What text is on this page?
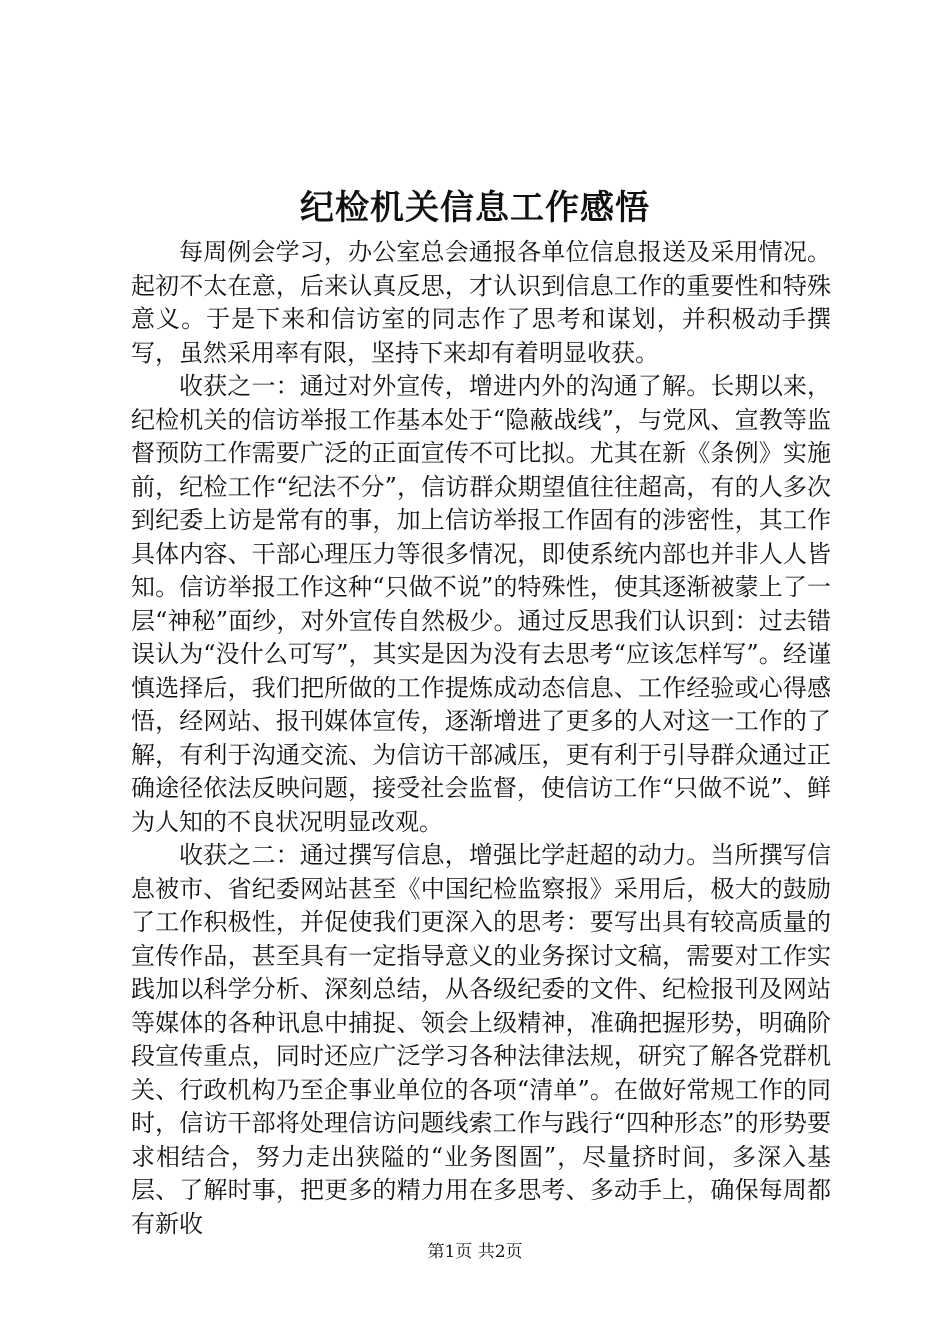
纪检机关信息工作感悟

每周例会学习，办公室总会通报各单位信息报送及采用情况。起初不太在意，后来认真反思，才认识到信息工作的重要性和特殊意义。于是下来和信访室的同志作了思考和谋划，并积极动手撰写，虽然采用率有限，坚持下来却有着明显收获。

收获之一：通过对外宣传，增进内外的沟通了解。长期以来，纪检机关的信访举报工作基本处于“隐蔽战线”，与党风、宣教等监督预防工作需要广泛的正面宣传不可比拟。尤其在新《条例》实施前，纪检工作“纪法不分”，信访群众期望值往往超高，有的人多次到纪委上访是常有的事，加上信访举报工作固有的涉密性，其工作具体内容、干部心理压力等很多情况，即使系统内部也并非人人皆知。信访举报工作这种“只做不说”的特殊性，使其逐渐被蒙上了一层“神秘”面纱，对外宣传自然极少。通过反思我们认识到：过去错误认为“没什么可写”，其实是因为没有去思考“应该怎样写”。经谨慎选择后，我们把所做的工作提炼成动态信息、工作经验或心得感悟，经网站、报刊媒体宣传，逐渐增进了更多的人对这一工作的了解，有利于沟通交流、为信访干部减压，更有利于引导群众通过正确途径依法反映问题，接受社会监督，使信访工作“只做不说”、鲜为人知的不良状况明显改观。

收获之二：通过撰写信息，增强比学赶超的动力。当所撰写信息被市、省纪委网站甚至《中国纪检监察报》采用后，极大的鼓励了工作积极性，并促使我们更深入的思考：要写出具有较高质量的宣传作品，甚至具有一定指导意义的业务探讨文稿，需要对工作实践加以科学分析、深刻总结，从各级纪委的文件、纪检报刊及网站等媒体的各种讯息中捕捉、领会上级精神，准确把握形势，明确阶段宣传重点，同时还应广泛学习各种法律法规，研究了解各党群机关、行政机构乃至企事业单位的各项“清单”。在做好常规工作的同时，信访干部将处理信访问题线索工作与践行“四种形态”的形势要求相结合，努力走出狭隘的“业务图圄”，尽量挤时间，多深入基层、了解时事，把更多的精力用在多思考、多动手上，确保每周都有新收

第1页 共2页
